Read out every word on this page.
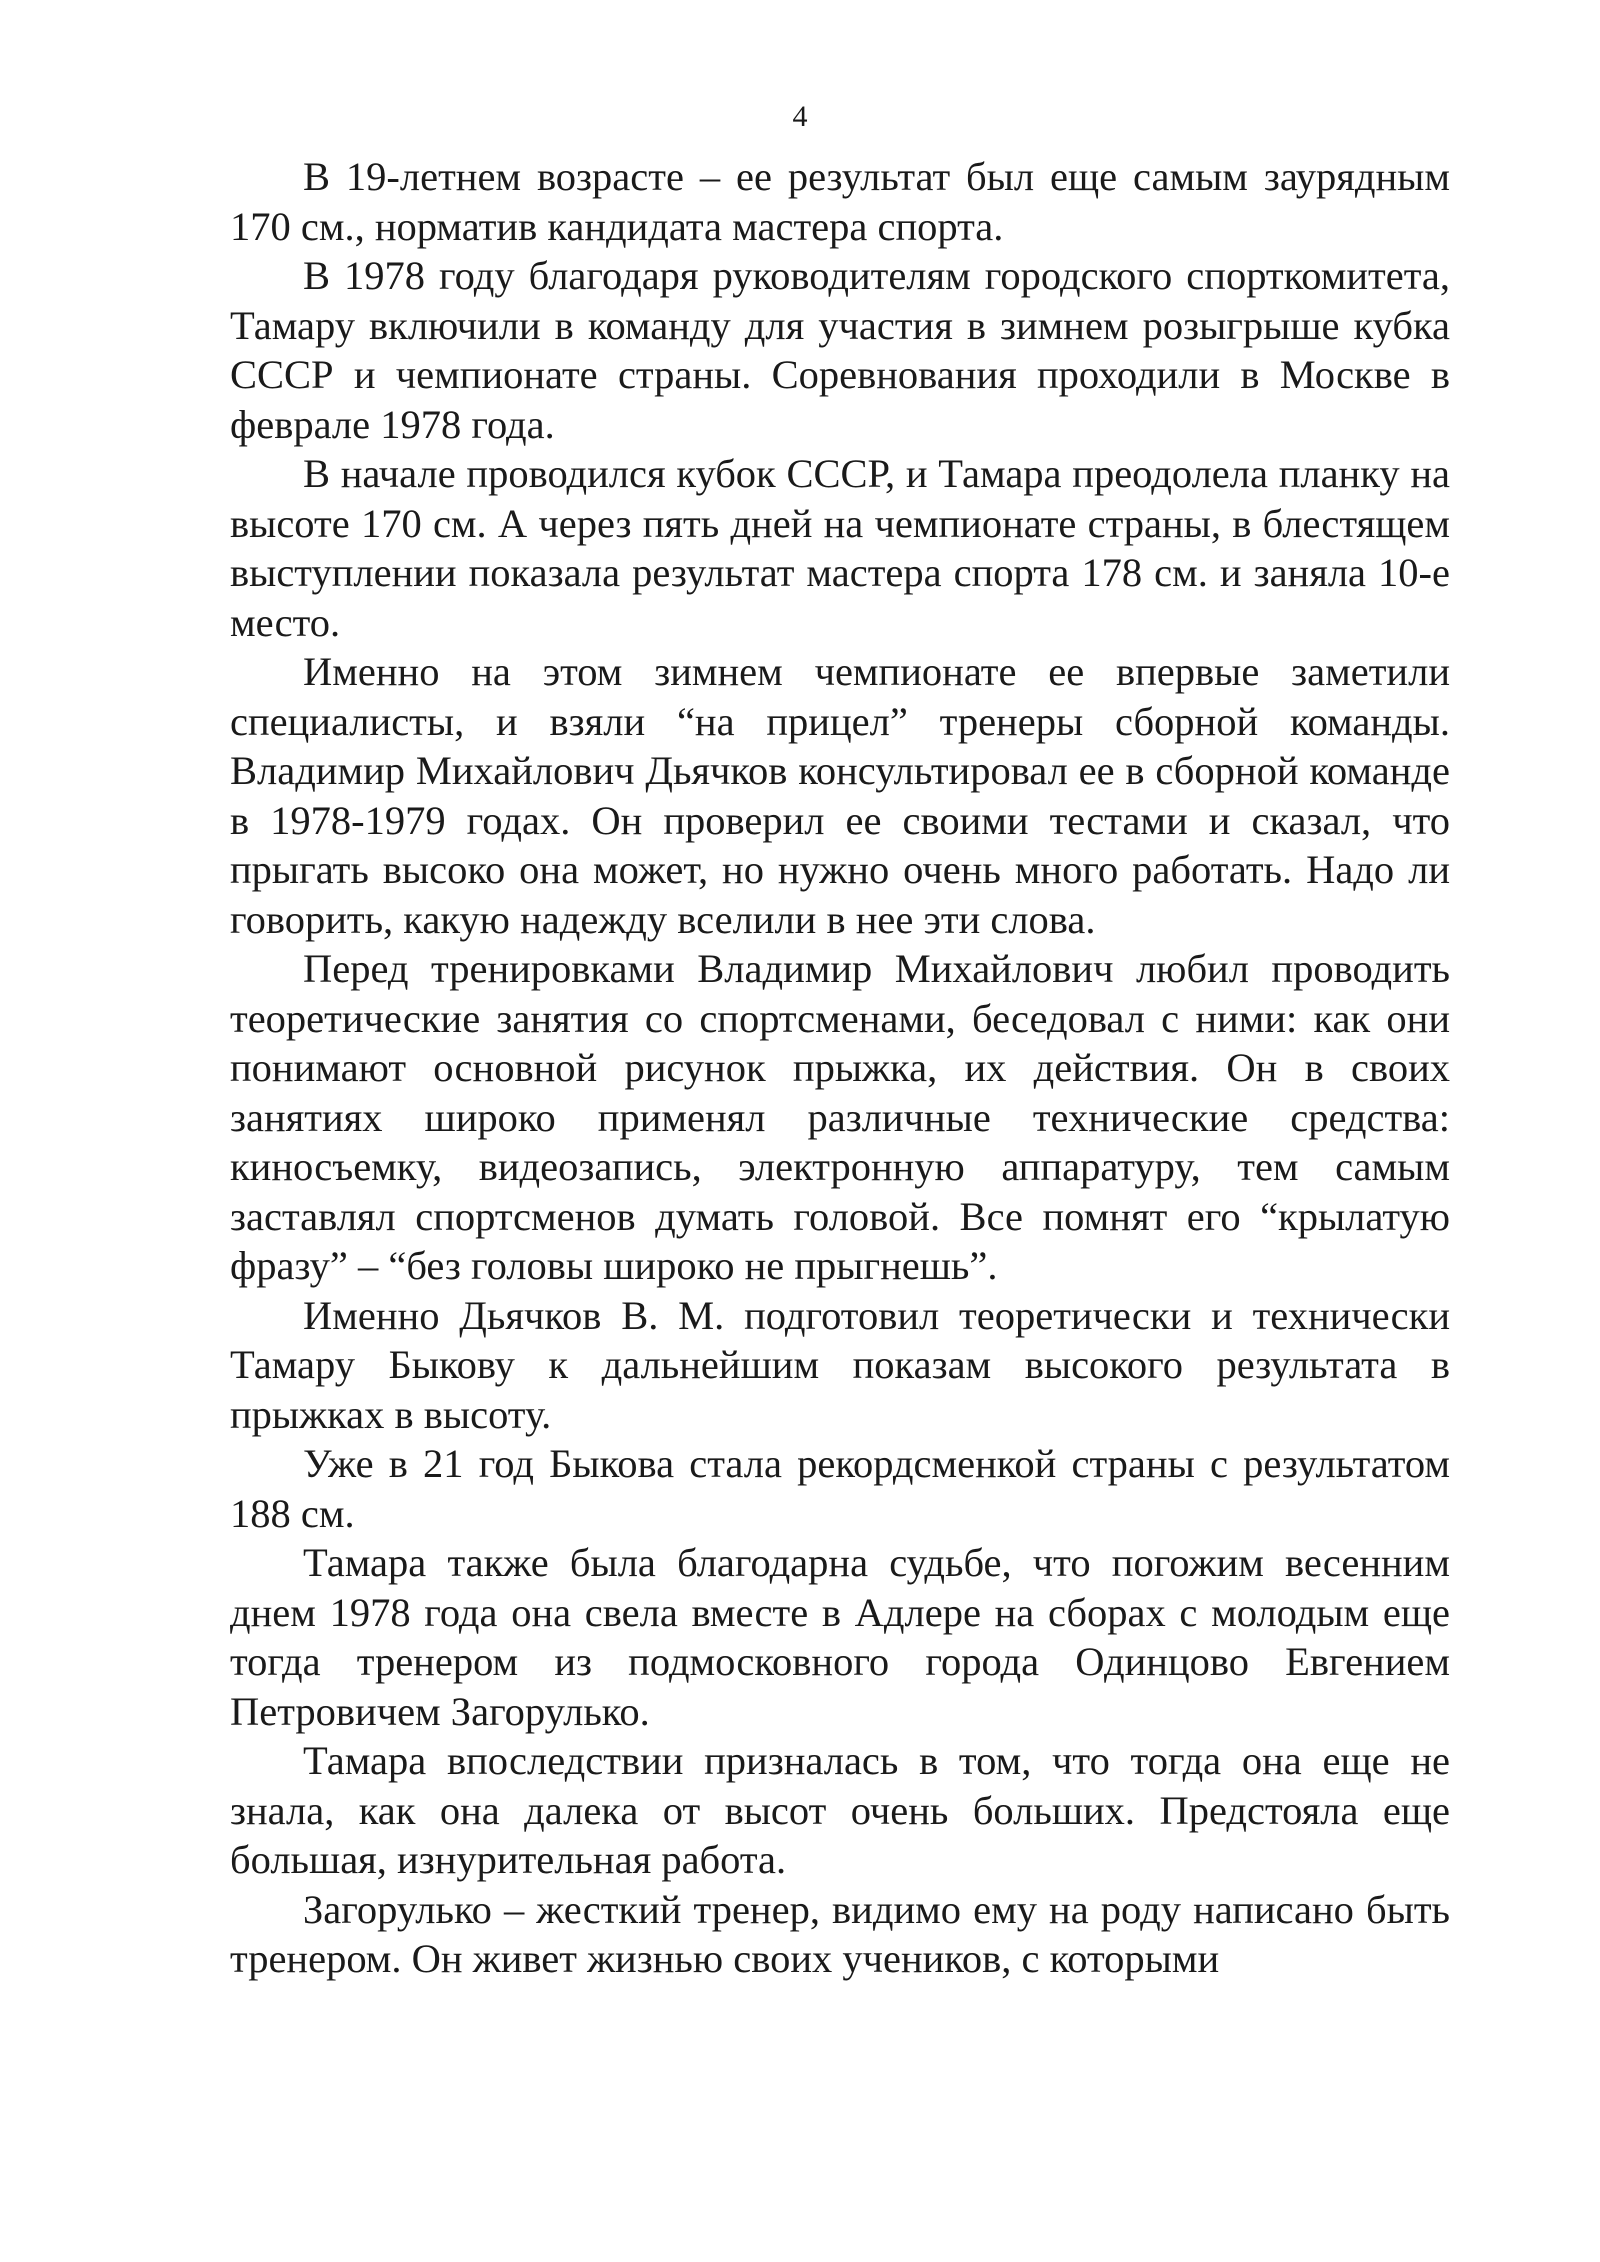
4

В 19-летнем возрасте – ее результат был еще самым заурядным 170 см., норматив кандидата мастера спорта.

В 1978 году благодаря руководителям городского спорткомитета, Тамару включили в команду для участия в зимнем розыгрыше кубка СССР и чемпионате страны. Соревнования проходили в Москве в феврале 1978 года.

В начале проводился кубок СССР, и Тамара преодолела планку на высоте 170 см. А через пять дней на чемпионате страны, в блестящем выступлении показала результат мастера спорта 178 см. и заняла 10-е место.

Именно на этом зимнем чемпионате ее впервые заметили специалисты, и взяли “на прицел” тренеры сборной команды. Владимир Михайлович Дьячков консультировал ее в сборной команде в 1978-1979 годах. Он проверил ее своими тестами и сказал, что прыгать высоко она может, но нужно очень много работать. Надо ли говорить, какую надежду вселили в нее эти слова.

Перед тренировками Владимир Михайлович любил проводить теоретические занятия со спортсменами, беседовал с ними: как они понимают основной рисунок прыжка, их действия. Он в своих занятиях широко применял различные технические средства: киносъемку, видеозапись, электронную аппаратуру, тем самым заставлял спортсменов думать головой. Все помнят его “крылатую фразу” – “без головы широко не прыгнешь”.

Именно Дьячков В. М. подготовил теоретически и технически Тамару Быкову к дальнейшим показам высокого результата в прыжках в высоту.

Уже в 21 год Быкова стала рекордсменкой страны с результатом 188 см.

Тамара также была благодарна судьбе, что погожим весенним днем 1978 года она свела вместе в Адлере на сборах с молодым еще тогда тренером из подмосковного города Одинцово Евгением Петровичем Загорулько.

Тамара впоследствии призналась в том, что тогда она еще не знала, как она далека от высот очень больших. Предстояла еще большая, изнурительная работа.

Загорулько – жесткий тренер, видимо ему на роду написано быть тренером. Он живет жизнью своих учеников, с которыми
